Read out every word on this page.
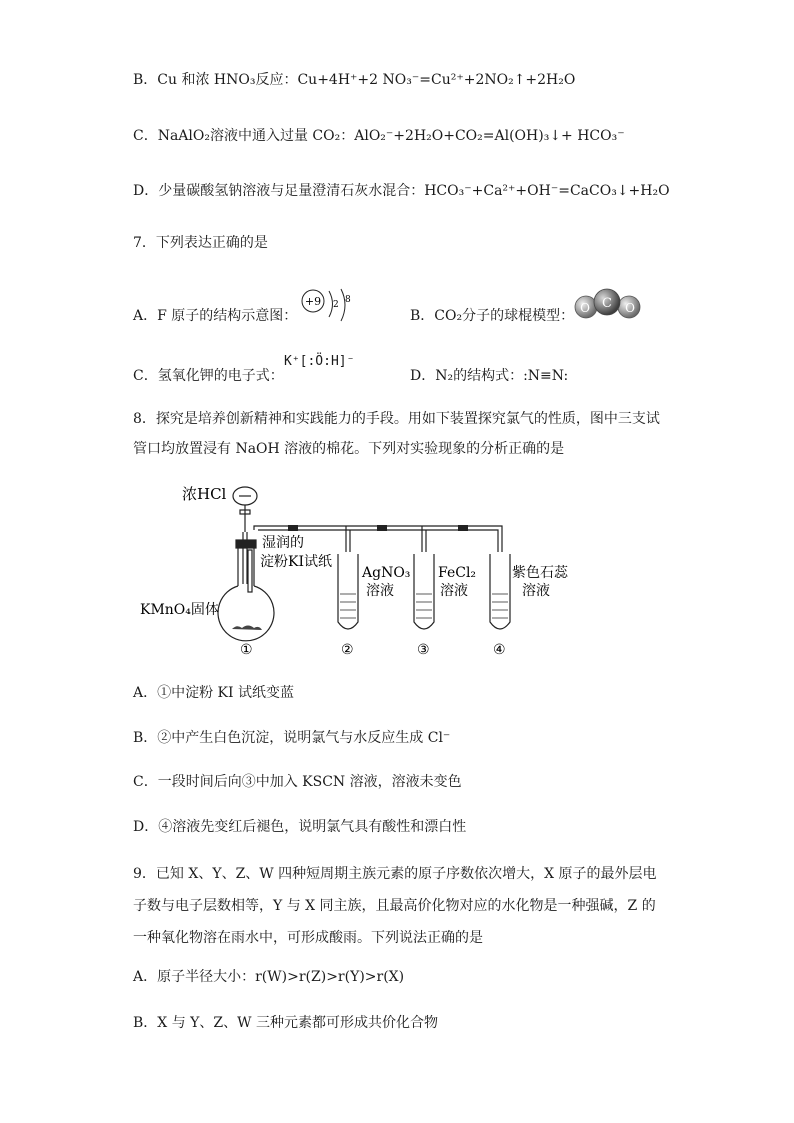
B．Cu 和浓 HNO₃反应：Cu+4H⁺+2 NO₃⁻=Cu²⁺+2NO₂↑+2H₂O
C．NaAlO₂溶液中通入过量 CO₂：AlO₂⁻+2H₂O+CO₂=Al(OH)₃↓+ HCO₃⁻
D．少量碳酸氢钠溶液与足量澄清石灰水混合：HCO₃⁻+Ca²⁺+OH⁻=CaCO₃↓+H₂O
7．下列表达正确的是
A．F 原子的结构示意图：
+9 2 8
B．CO₂分子的球棍模型： O C O
C．氢氧化钾的电子式：
K⁺[:Ö:H]⁻
D．N₂的结构式：:N≡N:
8．探究是培养创新精神和实践能力的手段。用如下装置探究氯气的性质，图中三支试管口均放置浸有 NaOH 溶液的棉花。下列对实验现象的分析正确的是
浓HCl
湿润的
淀粉KI试纸
KMnO₄固体
AgNO₃
溶液
FeCl₂
溶液
紫色石蕊
溶液
①	②	③	④
A．①中淀粉 KI 试纸变蓝
B．②中产生白色沉淀，说明氯气与水反应生成 Cl⁻
C．一段时间后向③中加入 KSCN 溶液，溶液未变色
D．④溶液先变红后褪色，说明氯气具有酸性和漂白性
9．已知 X、Y、Z、W 四种短周期主族元素的原子序数依次增大，X 原子的最外层电子数与电子层数相等，Y 与 X 同主族，且最高价化物对应的水化物是一种强碱，Z 的一种氧化物溶在雨水中，可形成酸雨。下列说法正确的是
A．原子半径大小：r(W)>r(Z)>r(Y)>r(X)
B．X 与 Y、Z、W 三种元素都可形成共价化合物
